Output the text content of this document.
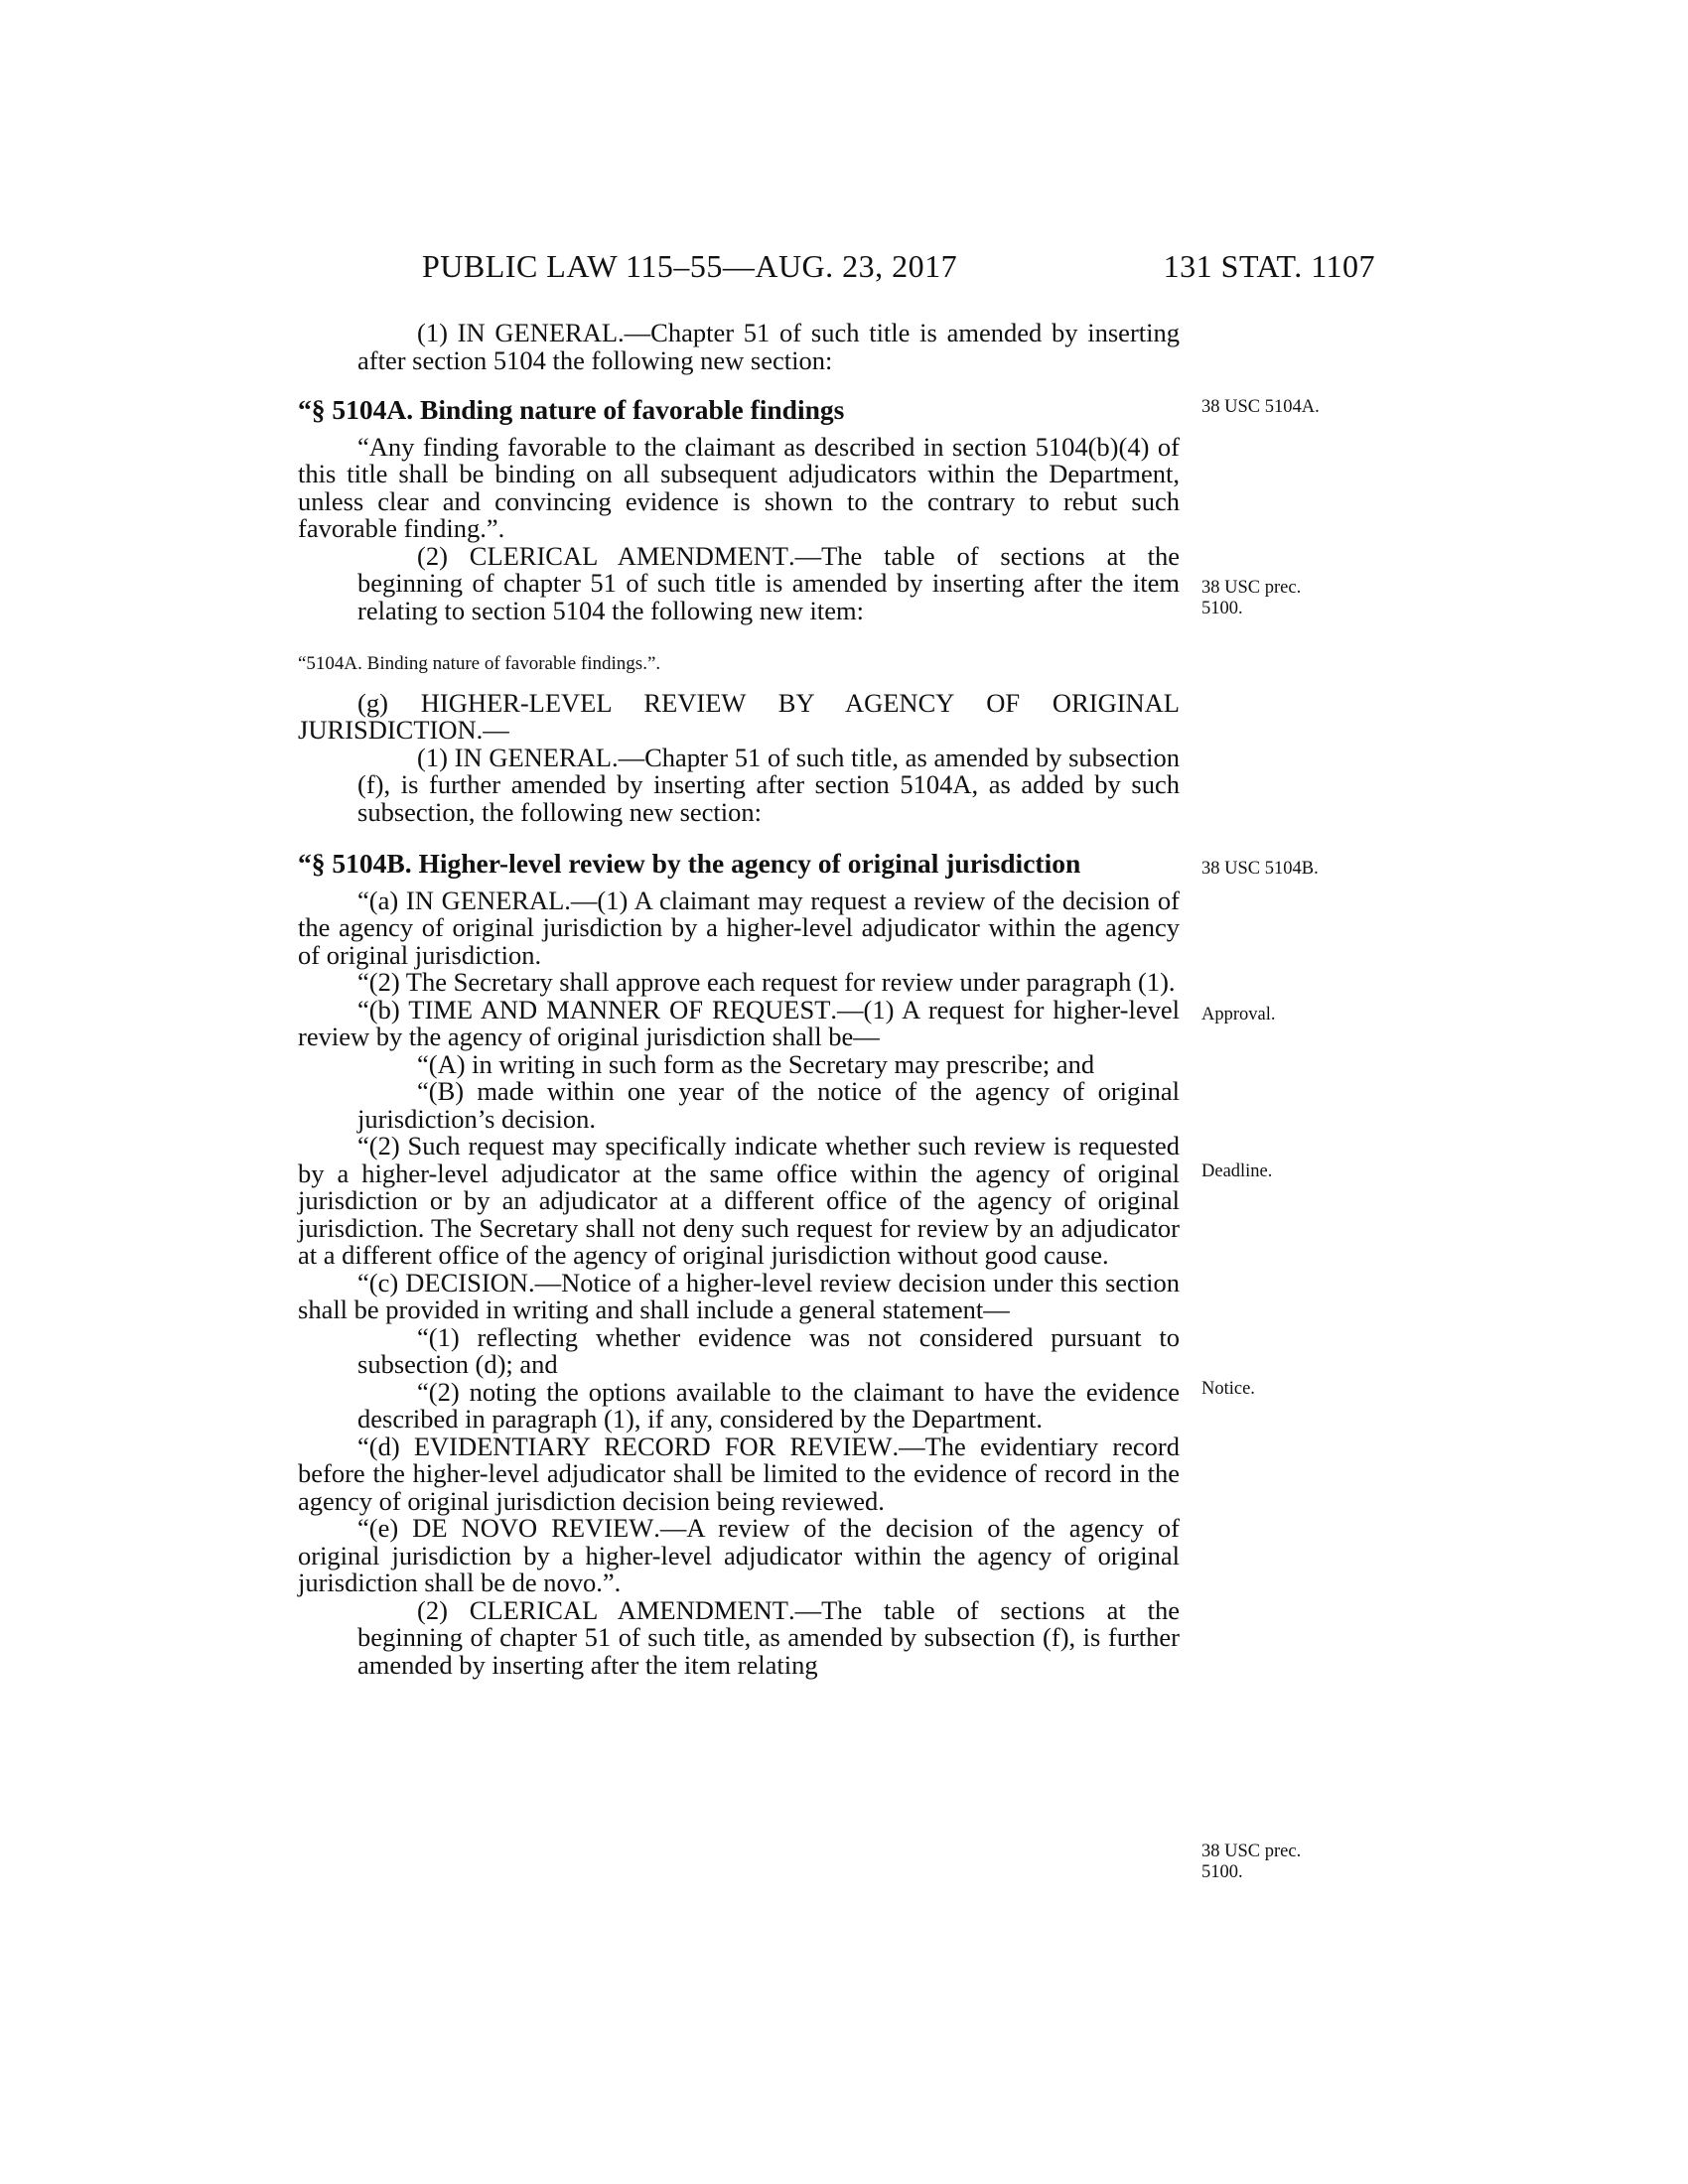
PUBLIC LAW 115–55—AUG. 23, 2017	131 STAT. 1107

(1) IN GENERAL.—Chapter 51 of such title is amended by inserting after section 5104 the following new section:

“§ 5104A. Binding nature of favorable findings

“Any finding favorable to the claimant as described in section 5104(b)(4) of this title shall be binding on all subsequent adjudicators within the Department, unless clear and convincing evidence is shown to the contrary to rebut such favorable finding.”.

(2) CLERICAL AMENDMENT.—The table of sections at the beginning of chapter 51 of such title is amended by inserting after the item relating to section 5104 the following new item:

“5104A. Binding nature of favorable findings.”.

(g) HIGHER-LEVEL REVIEW BY AGENCY OF ORIGINAL JURISDICTION.—

(1) IN GENERAL.—Chapter 51 of such title, as amended by subsection (f), is further amended by inserting after section 5104A, as added by such subsection, the following new section:

“§ 5104B. Higher-level review by the agency of original jurisdiction

“(a) IN GENERAL.—(1) A claimant may request a review of the decision of the agency of original jurisdiction by a higher-level adjudicator within the agency of original jurisdiction.

“(2) The Secretary shall approve each request for review under paragraph (1).

“(b) TIME AND MANNER OF REQUEST.—(1) A request for higher-level review by the agency of original jurisdiction shall be—

“(A) in writing in such form as the Secretary may prescribe; and

“(B) made within one year of the notice of the agency of original jurisdiction’s decision.

“(2) Such request may specifically indicate whether such review is requested by a higher-level adjudicator at the same office within the agency of original jurisdiction or by an adjudicator at a different office of the agency of original jurisdiction. The Secretary shall not deny such request for review by an adjudicator at a different office of the agency of original jurisdiction without good cause.

“(c) DECISION.—Notice of a higher-level review decision under this section shall be provided in writing and shall include a general statement—

“(1) reflecting whether evidence was not considered pursuant to subsection (d); and

“(2) noting the options available to the claimant to have the evidence described in paragraph (1), if any, considered by the Department.

“(d) EVIDENTIARY RECORD FOR REVIEW.—The evidentiary record before the higher-level adjudicator shall be limited to the evidence of record in the agency of original jurisdiction decision being reviewed.

“(e) DE NOVO REVIEW.—A review of the decision of the agency of original jurisdiction by a higher-level adjudicator within the agency of original jurisdiction shall be de novo.”.

(2) CLERICAL AMENDMENT.—The table of sections at the beginning of chapter 51 of such title, as amended by subsection (f), is further amended by inserting after the item relating

38 USC 5104A.
38 USC prec. 5100.
38 USC 5104B.
Approval.
Deadline.
Notice.
38 USC prec. 5100.
